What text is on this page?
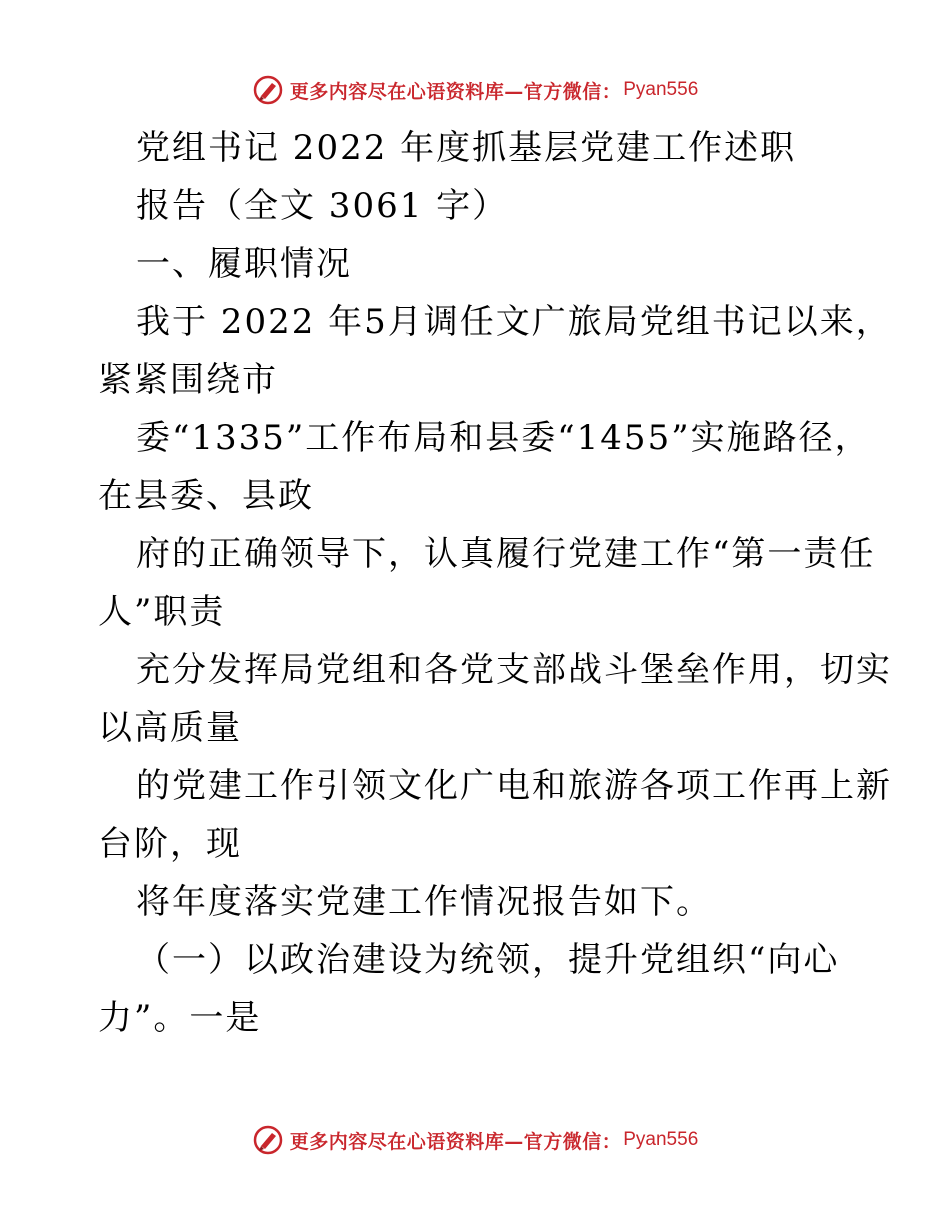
更多内容尽在心语资料库—官方微信： Pyan556
党组书记 2022 年度抓基层党建工作述职
报告（全文 3061 字）
一、履职情况
我于 2022 年5月调任文广旅局党组书记以来，
紧紧围绕市
委“1335”工作布局和县委“1455”实施路径，
在县委、县政
府的正确领导下，认真履行党建工作“第一责任
人”职责
充分发挥局党组和各党支部战斗堡垒作用，切实
以高质量
的党建工作引领文化广电和旅游各项工作再上新
台阶，现
将年度落实党建工作情况报告如下。
（一）以政治建设为统领，提升党组织“向心
力”。一是
更多内容尽在心语资料库—官方微信： Pyan556
